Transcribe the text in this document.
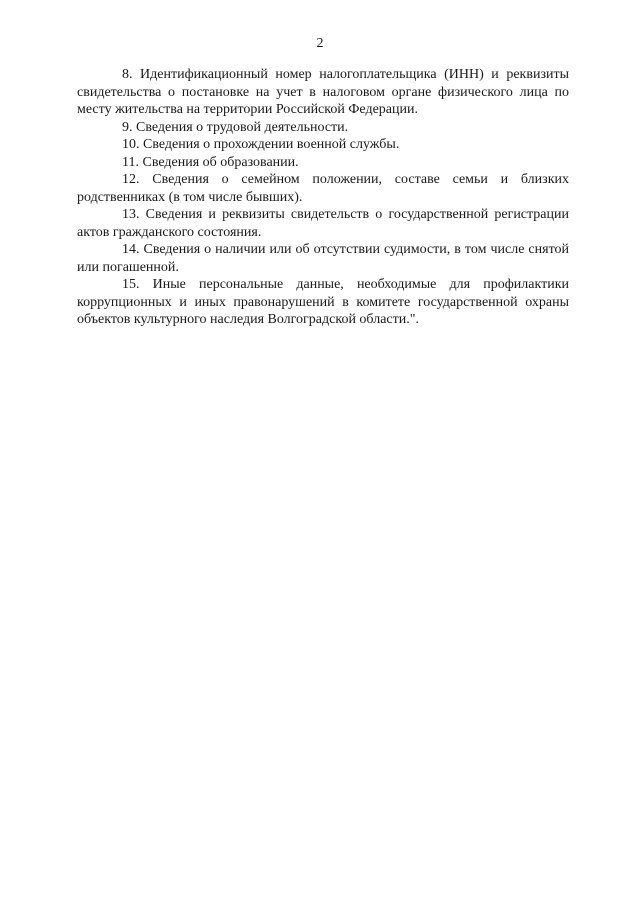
2

8. Идентификационный номер налогоплательщика (ИНН) и реквизиты свидетельства о постановке на учет в налоговом органе физического лица по месту жительства на территории Российской Федерации.

9. Сведения о трудовой деятельности.

10. Сведения о прохождении военной службы.

11. Сведения об образовании.

12. Сведения о семейном положении, составе семьи и близких родственниках (в том числе бывших).

13. Сведения и реквизиты свидетельств о государственной регистрации актов гражданского состояния.

14. Сведения о наличии или об отсутствии судимости, в том числе снятой или погашенной.

15. Иные персональные данные, необходимые для профилактики коррупционных и иных правонарушений в комитете государственной охраны объектов культурного наследия Волгоградской области.".
